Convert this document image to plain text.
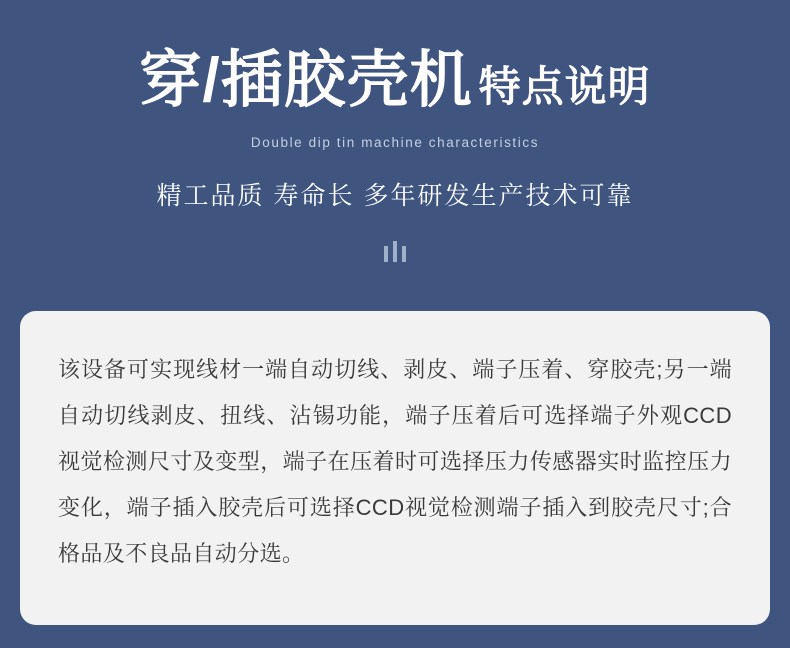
穿/插胶壳机 特点说明
Double dip tin machine characteristics
精工品质 寿命长 多年研发生产技术可靠

该设备可实现线材一端自动切线、剥皮、端子压着、穿胶壳;另一端自动切线剥皮、扭线、沾锡功能，端子压着后可选择端子外观CCD视觉检测尺寸及变型，端子在压着时可选择压力传感器实时监控压力变化，端子插入胶壳后可选择CCD视觉检测端子插入到胶壳尺寸;合格品及不良品自动分选。
